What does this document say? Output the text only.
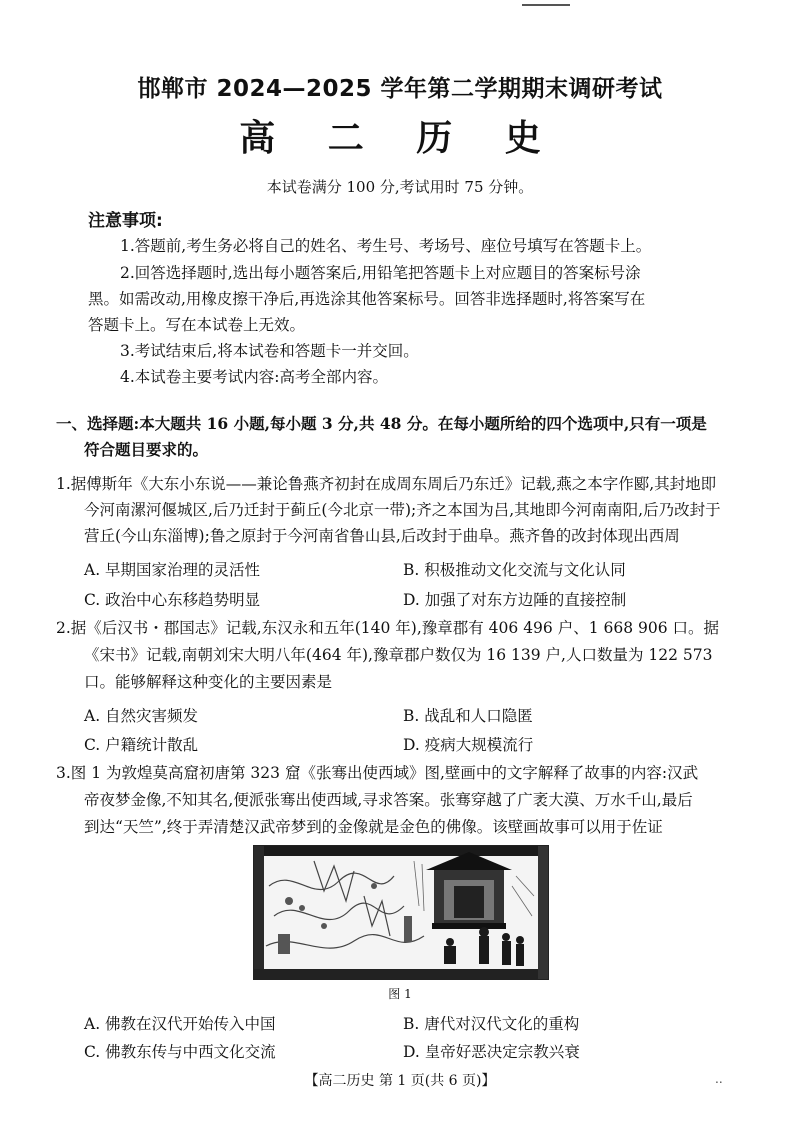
邯郸市 2024—2025 学年第二学期期末调研考试
高 二 历 史
本试卷满分 100 分,考试用时 75 分钟。
注意事项:
1.答题前,考生务必将自己的姓名、考生号、考场号、座位号填写在答题卡上。
2.回答选择题时,选出每小题答案后,用铅笔把答题卡上对应题目的答案标号涂
黑。如需改动,用橡皮擦干净后,再选涂其他答案标号。回答非选择题时,将答案写在
答题卡上。写在本试卷上无效。
3.考试结束后,将本试卷和答题卡一并交回。
4.本试卷主要考试内容:高考全部内容。
一、选择题:本大题共 16 小题,每小题 3 分,共 48 分。在每小题所给的四个选项中,只有一项是
符合题目要求的。
1.据傅斯年《大东小东说——兼论鲁燕齐初封在成周东周后乃东迁》记载,燕之本字作郾,其封地即
今河南漯河偃城区,后乃迁封于蓟丘(今北京一带);齐之本国为吕,其地即今河南南阳,后乃改封于
营丘(今山东淄博);鲁之原封于今河南省鲁山县,后改封于曲阜。燕齐鲁的改封体现出西周
A. 早期国家治理的灵活性	B. 积极推动文化交流与文化认同
C. 政治中心东移趋势明显	D. 加强了对东方边陲的直接控制
2.据《后汉书・郡国志》记载,东汉永和五年(140 年),豫章郡有 406 496 户、1 668 906 口。据
《宋书》记载,南朝刘宋大明八年(464 年),豫章郡户数仅为 16 139 户,人口数量为 122 573
口。能够解释这种变化的主要因素是
A. 自然灾害频发	B. 战乱和人口隐匿
C. 户籍统计散乱	D. 疫病大规模流行
3.图 1 为敦煌莫高窟初唐第 323 窟《张骞出使西域》图,壁画中的文字解释了故事的内容:汉武
帝夜梦金像,不知其名,便派张骞出使西域,寻求答案。张骞穿越了广袤大漠、万水千山,最后
到达“天竺”,终于弄清楚汉武帝梦到的金像就是金色的佛像。该壁画故事可以用于佐证
图 1
A. 佛教在汉代开始传入中国	B. 唐代对汉代文化的重构
C. 佛教东传与中西文化交流	D. 皇帝好恶决定宗教兴衰
【高二历史 第 1 页(共 6 页)】	..
